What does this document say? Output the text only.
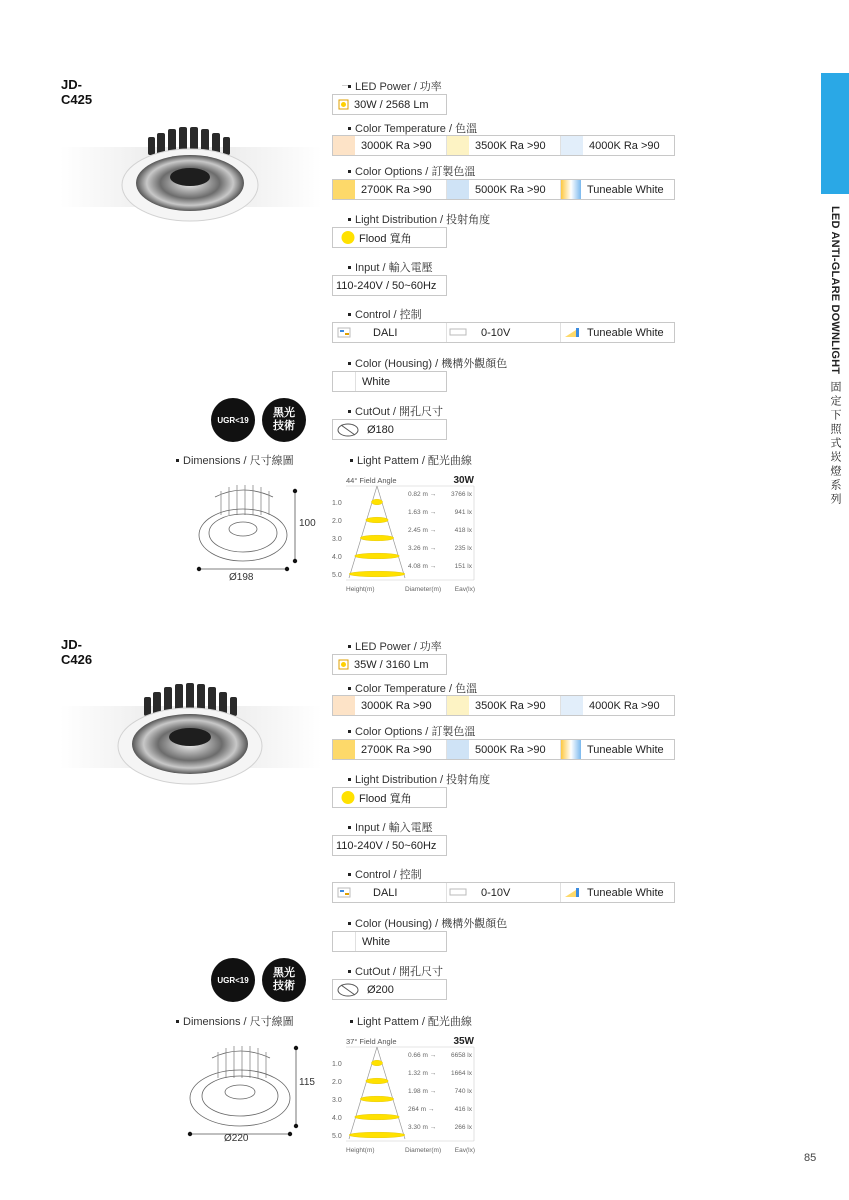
LED ANTI-GLARE DOWNLIGHT 固定下照式崁燈系列
JD-C425
UGR<19
黑光技術
Dimensions / 尺寸線圖
100
Ø198
LED Power / 功率
30W / 2568 Lm
Color Temperature / 色溫
3000K Ra >90	3500K Ra >90	4000K Ra >90
Color Options / 訂製色溫
2700K Ra >90	5000K Ra >90	Tuneable White
Light Distribution / 投射角度
Flood 寬角
Input / 輸入電壓
110-240V / 50~60Hz
Control / 控制
DALI	0-10V	Tuneable White
Color (Housing) / 機構外觀顏色
White
CutOut / 開孔尺寸
Ø180
Light Pattem / 配光曲線
44° Field Angle	30W
1.0
0.82 m → 3766 lx
2.0
1.63 m →	941 lx
3.0
2.45 m →	418 lx
4.0
3.26 m →	235 lx
5.0
4.08 m →	151 lx
Height(m)	Diameter(m) Eav(lx)
JD-C426
UGR<19
黑光技術
Dimensions / 尺寸線圖
115
Ø220
LED Power / 功率
35W / 3160 Lm
Color Temperature / 色溫
3000K Ra >90	3500K Ra >90	4000K Ra >90
Color Options / 訂製色溫
2700K Ra >90	5000K Ra >90	Tuneable White
Light Distribution / 投射角度
Flood 寬角
Input / 輸入電壓
110-240V / 50~60Hz
Control / 控制
DALI	0-10V	Tuneable White
Color (Housing) / 機構外觀顏色
White
CutOut / 開孔尺寸
Ø200
Light Pattem / 配光曲線
37° Field Angle	35W
1.0
0.66 m → 6658 lx
2.0
1.32 m → 1664 lx
3.0
1.98 m →	740 lx
4.0
264 m →	416 lx
5.0
3.30 m →	266 lx
Height(m)	Diameter(m) Eav(lx)
85
